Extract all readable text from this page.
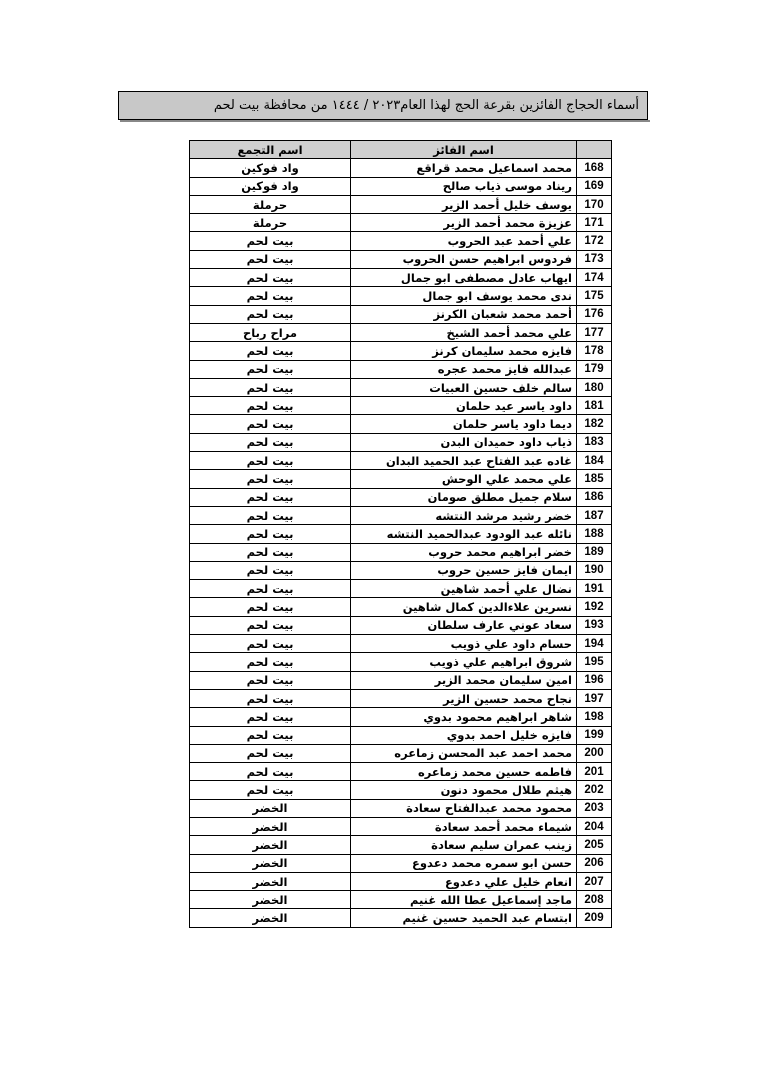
أسماء الحجاج الفائزين بقرعة الحج لهذا العام٢٠٢٣ / ١٤٤٤ من محافظة بيت لحم
	اسم الفائز	اسم التجمع
168	محمد اسماعيل محمد قراقع	واد فوكين
169	ريناد موسى ذياب صالح	واد فوكين
170	يوسف خليل أحمد الزير	حرملة
171	عزيزة محمد أحمد الزير	حرملة
172	علي أحمد عبد الحروب	بيت لحم
173	فردوس ابراهيم حسن الحروب	بيت لحم
174	ايهاب عادل مصطفى ابو جمال	بيت لحم
175	ندى محمد يوسف ابو جمال	بيت لحم
176	أحمد محمد شعبان الكرنز	بيت لحم
177	علي محمد أحمد الشيخ	مراح رباح
178	فايزه محمد سليمان كرنز	بيت لحم
179	عبدالله فايز محمد عجره	بيت لحم
180	سالم خلف حسين العبيات	بيت لحم
181	داود ياسر عيد حلمان	بيت لحم
182	ديما داود ياسر حلمان	بيت لحم
183	ذياب داود حميدان البدن	بيت لحم
184	غاده عبد الفتاح عبد الحميد البدان	بيت لحم
185	علي محمد علي الوحش	بيت لحم
186	سلام جميل مطلق صومان	بيت لحم
187	خضر رشيد مرشد النتشه	بيت لحم
188	نائله عبد الودود عبدالحميد النتشه	بيت لحم
189	خضر ابراهيم محمد حروب	بيت لحم
190	ايمان فايز حسين حروب	بيت لحم
191	نضال علي أحمد شاهين	بيت لحم
192	نسرين علاءالدين كمال شاهين	بيت لحم
193	سعاد عوني عارف سلطان	بيت لحم
194	حسام داود علي ذويب	بيت لحم
195	شروق ابراهيم علي ذويب	بيت لحم
196	امين سليمان محمد الزير	بيت لحم
197	نجاح محمد حسين الزير	بيت لحم
198	شاهر ابراهيم محمود بدوي	بيت لحم
199	فايزه خليل احمد بدوي	بيت لحم
200	محمد احمد عبد المحسن زماعره	بيت لحم
201	فاطمه حسين محمد زماعره	بيت لحم
202	هيثم طلال محمود دنون	بيت لحم
203	محمود محمد عبدالفتاح سعادة	الخضر
204	شيماء محمد أحمد سعادة	الخضر
205	زينب عمران سليم سعادة	الخضر
206	حسن ابو سمره محمد دعدوع	الخضر
207	انعام خليل علي دعدوع	الخضر
208	ماجد إسماعيل عطا الله غنيم	الخضر
209	ابتسام عبد الحميد حسين غنيم	الخضر
